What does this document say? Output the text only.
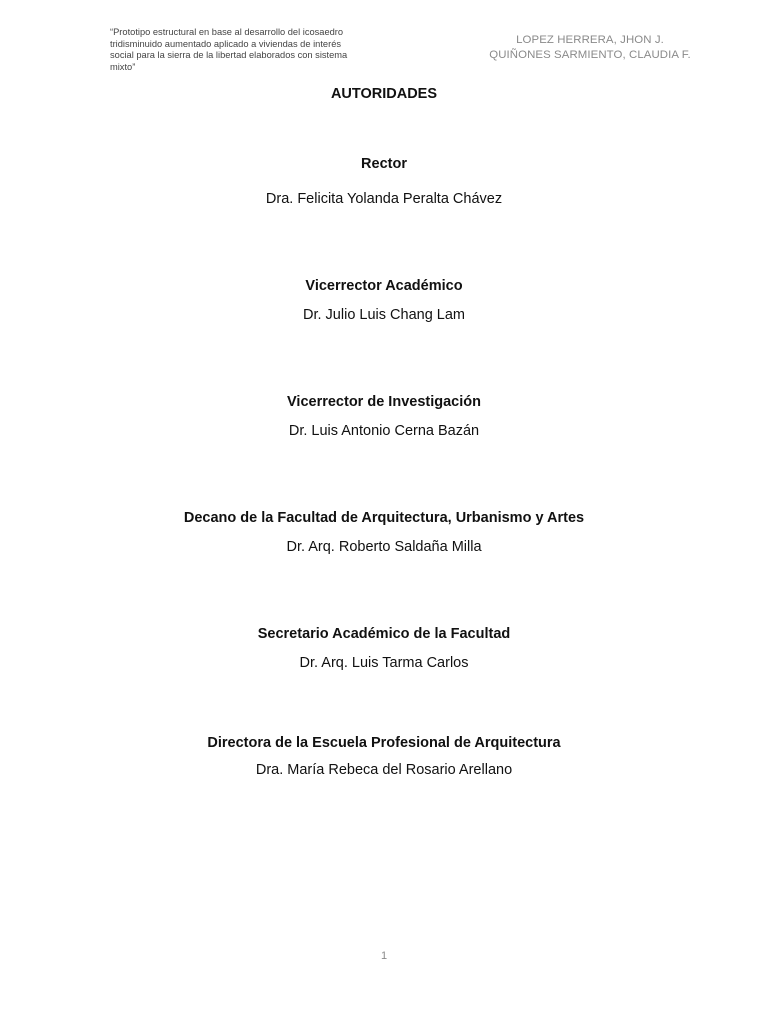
“Prototipo estructural en base al desarrollo del icosaedro
tridisminuido aumentado aplicado a viviendas de interés
social para la sierra de la libertad elaborados con sistema
mixto”
LOPEZ HERRERA, JHON J.
QUIÑONES SARMIENTO, CLAUDIA F.
AUTORIDADES
Rector
Dra. Felicita Yolanda Peralta Chávez
Vicerrector Académico
Dr. Julio Luis Chang Lam
Vicerrector de Investigación
Dr. Luis Antonio Cerna Bazán
Decano de la Facultad de Arquitectura, Urbanismo y Artes
Dr. Arq. Roberto Saldaña Milla
Secretario Académico de la Facultad
Dr. Arq. Luis Tarma Carlos
Directora de la Escuela Profesional de Arquitectura
Dra. María Rebeca del Rosario Arellano
1
